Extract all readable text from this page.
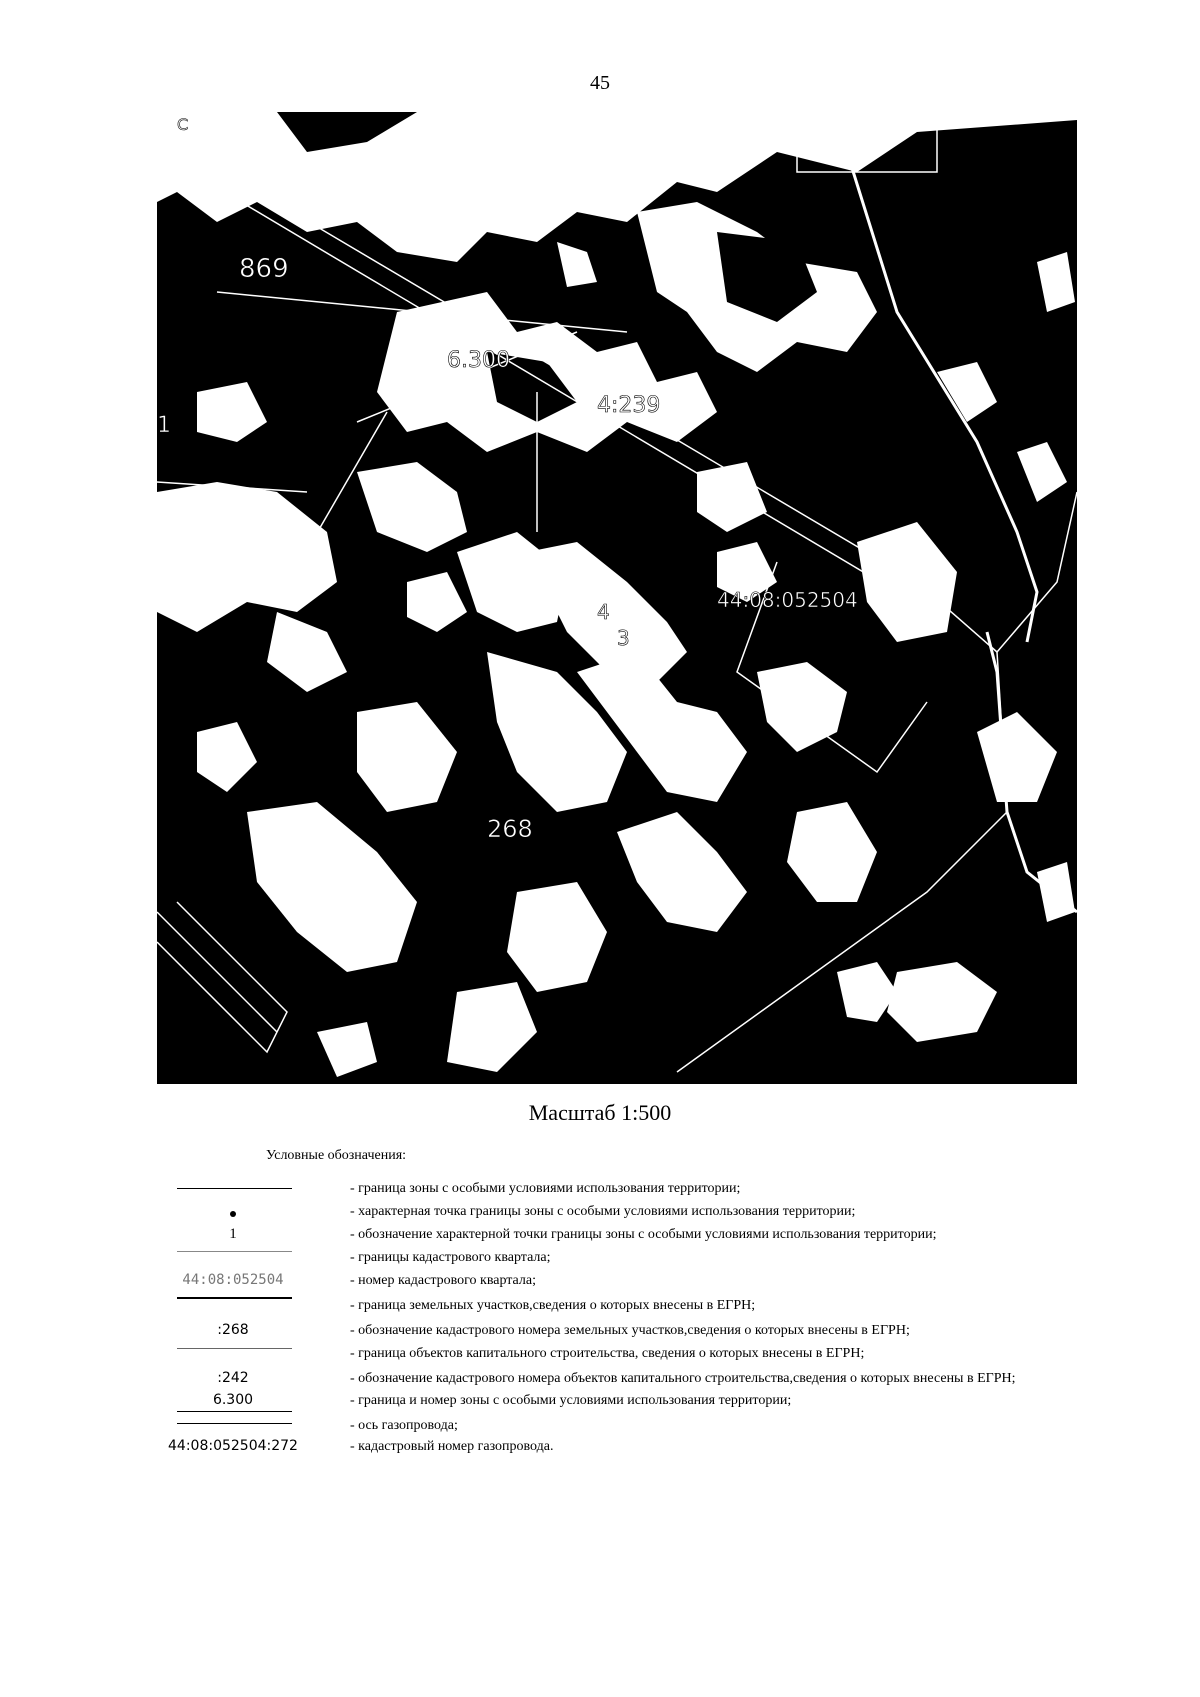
45
869
6.300
4:239
1
4
3
44:08:052504
268
C
Масштаб 1:500
Условные обозначения:
- граница зоны с особыми условиями использования территории;
- характерная точка границы зоны с особыми условиями использования территории;
1	- обозначение характерной точки границы зоны с особыми условиями использования территории;
- границы кадастрового квартала;
44:08:052504	- номер кадастрового квартала;
- граница земельных участков,сведения о которых внесены в ЕГРН;
:268	- обозначение кадастрового номера земельных участков,сведения о которых внесены в ЕГРН;
- граница объектов капитального строительства, сведения о которых внесены в ЕГРН;
:242	- обозначение кадастрового номера объектов капитального строительства,сведения о которых внесены в ЕГРН;
6.300	- граница и номер зоны с особыми условиями использования территории;
- ось газопровода;
44:08:052504:272	- кадастровый номер газопровода.
